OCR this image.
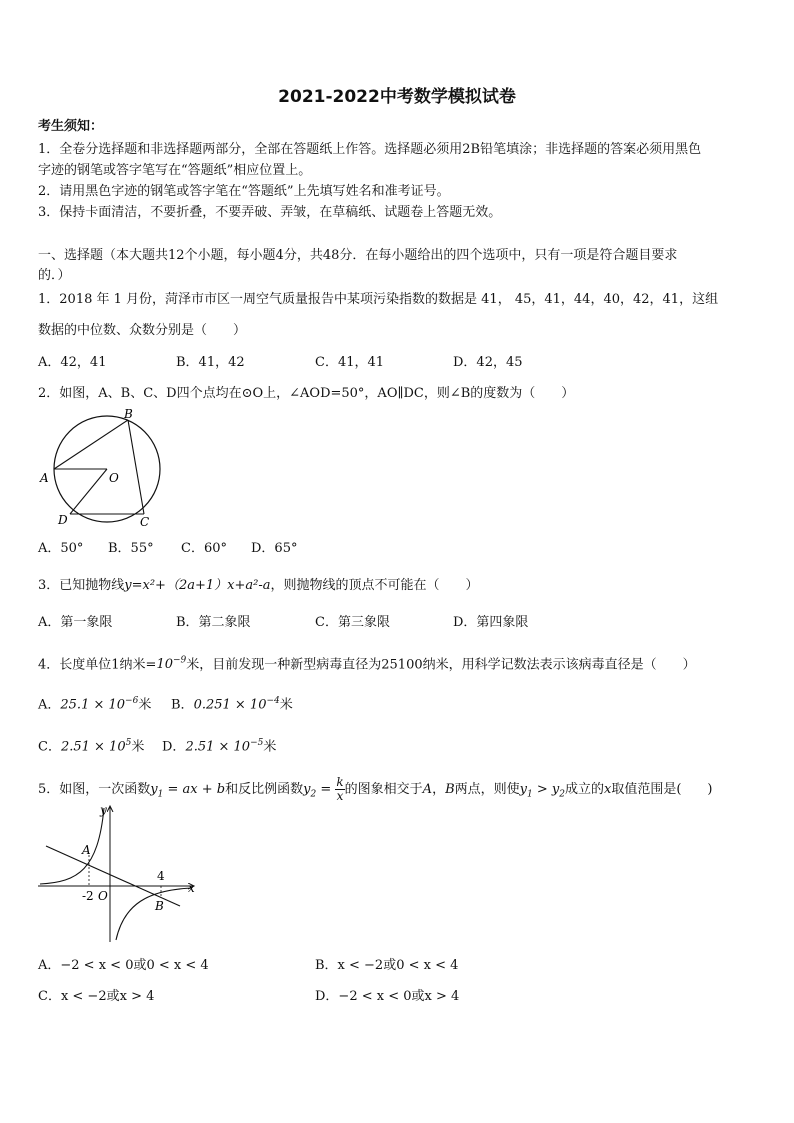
2021-2022中考数学模拟试卷
考生须知：
1．全卷分选择题和非选择题两部分，全部在答题纸上作答。选择题必须用2B铅笔填涂；非选择题的答案必须用黑色
字迹的钢笔或答字笔写在“答题纸”相应位置上。
2．请用黑色字迹的钢笔或答字笔在“答题纸”上先填写姓名和准考证号。
3．保持卡面清洁，不要折叠，不要弄破、弄皱，在草稿纸、试题卷上答题无效。
一、选择题（本大题共12个小题，每小题4分，共48分．在每小题给出的四个选项中，只有一项是符合题目要求
的．）
1．2018 年 1 月份，菏泽市市区一周空气质量报告中某项污染指数的数据是 41， 45，41，44，40，42，41，这组
数据的中位数、众数分别是（　　）
A．42，41	B．41，42	C．41，41	D．42，45
2．如图，A、B、C、D四个点均在⊙O上，∠AOD=50°，AO∥DC，则∠B的度数为（　　）
B
A	O
D	C
A．50° B．55° C．60° D．65°
3．已知抛物线y=x²+（2a+1）x+a²-a，则抛物线的顶点不可能在（　　）
A．第一象限	B．第二象限	C．第三象限	D．第四象限
4．长度单位1纳米$=10^{-9}$米，目前发现一种新型病毒直径为25100纳米，用科学记数法表示该病毒直径是（　　）
A．$25.1 \times 10^{-6}$米 B．$0.251 \times 10^{-4}$米
C．$2.51 \times 10^5$米 D．$2.51 \times 10^{-5}$米
5．如图，一次函数$y_1$ = ax + b和反比例函数$y_2 = \frac{k}{x}$ 的图象相交于A，B两点，则使$y_1 > y_2$成立的x取值范围是(　　)
y
x
A
B
O
-2
4
A．−2 < x < 0或0 < x < 4	B．x < −2或0 < x < 4
C．x < −2或x > 4	D．−2 < x < 0或x > 4
